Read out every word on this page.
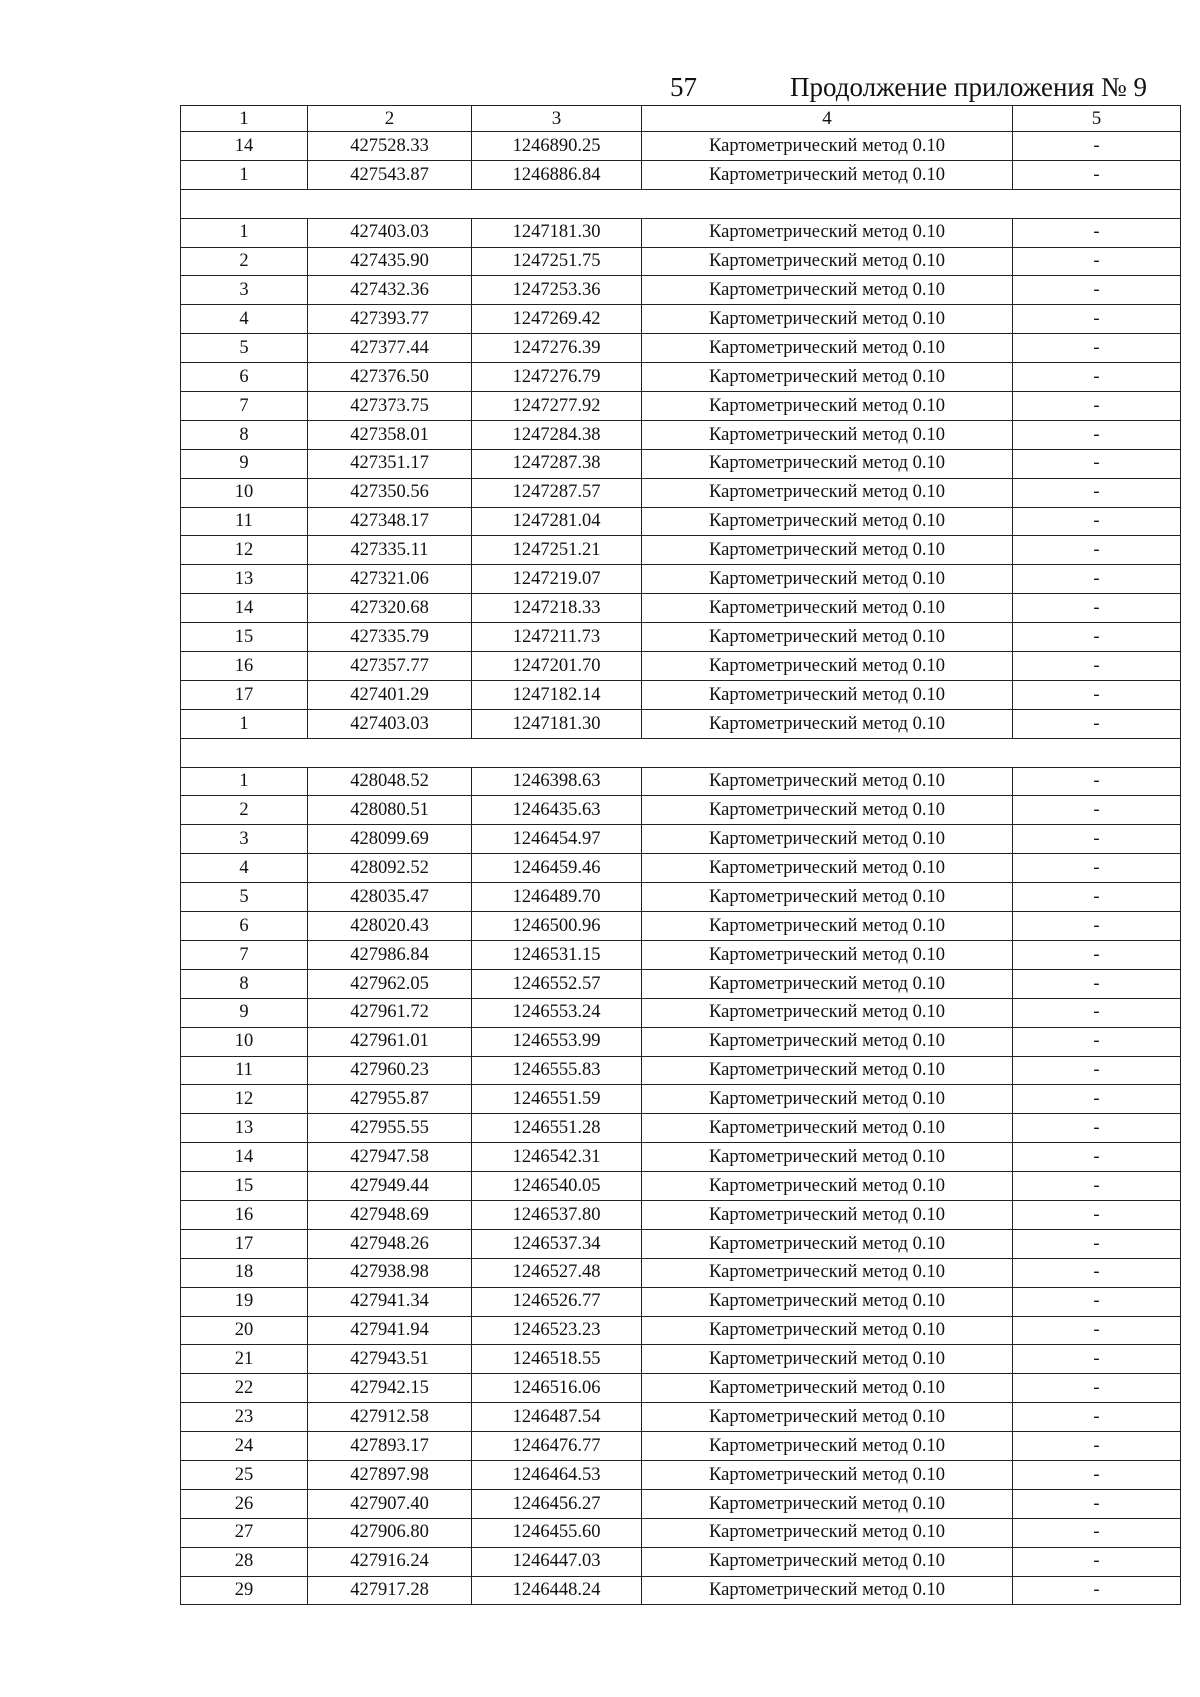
57	Продолжение приложения № 9
1	2	3	4	5
14	427528.33	1246890.25	Картометрический метод 0.10	-
1	427543.87	1246886.84	Картометрический метод 0.10	-

1	427403.03	1247181.30	Картометрический метод 0.10	-
2	427435.90	1247251.75	Картометрический метод 0.10	-
3	427432.36	1247253.36	Картометрический метод 0.10	-
4	427393.77	1247269.42	Картометрический метод 0.10	-
5	427377.44	1247276.39	Картометрический метод 0.10	-
6	427376.50	1247276.79	Картометрический метод 0.10	-
7	427373.75	1247277.92	Картометрический метод 0.10	-
8	427358.01	1247284.38	Картометрический метод 0.10	-
9	427351.17	1247287.38	Картометрический метод 0.10	-
10	427350.56	1247287.57	Картометрический метод 0.10	-
11	427348.17	1247281.04	Картометрический метод 0.10	-
12	427335.11	1247251.21	Картометрический метод 0.10	-
13	427321.06	1247219.07	Картометрический метод 0.10	-
14	427320.68	1247218.33	Картометрический метод 0.10	-
15	427335.79	1247211.73	Картометрический метод 0.10	-
16	427357.77	1247201.70	Картометрический метод 0.10	-
17	427401.29	1247182.14	Картометрический метод 0.10	-
1	427403.03	1247181.30	Картометрический метод 0.10	-

1	428048.52	1246398.63	Картометрический метод 0.10	-
2	428080.51	1246435.63	Картометрический метод 0.10	-
3	428099.69	1246454.97	Картометрический метод 0.10	-
4	428092.52	1246459.46	Картометрический метод 0.10	-
5	428035.47	1246489.70	Картометрический метод 0.10	-
6	428020.43	1246500.96	Картометрический метод 0.10	-
7	427986.84	1246531.15	Картометрический метод 0.10	-
8	427962.05	1246552.57	Картометрический метод 0.10	-
9	427961.72	1246553.24	Картометрический метод 0.10	-
10	427961.01	1246553.99	Картометрический метод 0.10	-
11	427960.23	1246555.83	Картометрический метод 0.10	-
12	427955.87	1246551.59	Картометрический метод 0.10	-
13	427955.55	1246551.28	Картометрический метод 0.10	-
14	427947.58	1246542.31	Картометрический метод 0.10	-
15	427949.44	1246540.05	Картометрический метод 0.10	-
16	427948.69	1246537.80	Картометрический метод 0.10	-
17	427948.26	1246537.34	Картометрический метод 0.10	-
18	427938.98	1246527.48	Картометрический метод 0.10	-
19	427941.34	1246526.77	Картометрический метод 0.10	-
20	427941.94	1246523.23	Картометрический метод 0.10	-
21	427943.51	1246518.55	Картометрический метод 0.10	-
22	427942.15	1246516.06	Картометрический метод 0.10	-
23	427912.58	1246487.54	Картометрический метод 0.10	-
24	427893.17	1246476.77	Картометрический метод 0.10	-
25	427897.98	1246464.53	Картометрический метод 0.10	-
26	427907.40	1246456.27	Картометрический метод 0.10	-
27	427906.80	1246455.60	Картометрический метод 0.10	-
28	427916.24	1246447.03	Картометрический метод 0.10	-
29	427917.28	1246448.24	Картометрический метод 0.10	-
